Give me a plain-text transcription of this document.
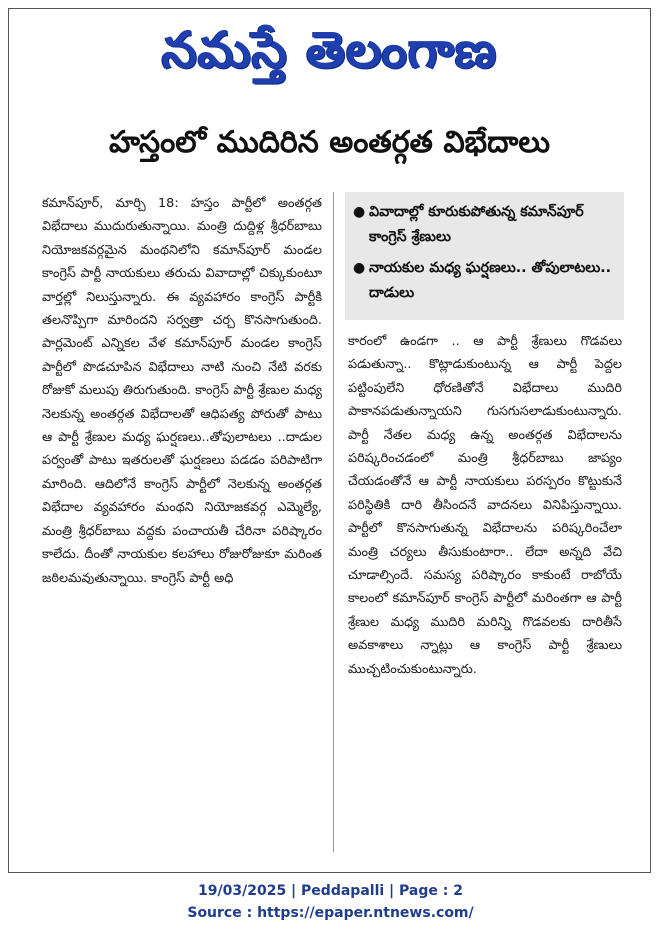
నమస్తే తెలంగాణ
హస్తంలో ముదిరిన అంతర్గత విభేదాలు
కమాన్‌పూర్, మార్చి 18: హస్తం పార్టీలో అంతర్గత విభేదాలు ముదురుతున్నాయి. మంత్రి దుద్దిళ్ల శ్రీధర్‌బాబు నియోజకవర్గమైన మంథనిలోని కమాన్‌పూర్ మండల కాంగ్రెస్ పార్టీ నాయకులు తరుచు వివాదాల్లో చిక్కుకుంటూ వార్తల్లో నిలుస్తున్నారు. ఈ వ్యవహారం కాంగ్రెస్ పార్టీకి తలనొప్పిగా మారిందని సర్వత్రా చర్చ కొనసాగుతుంది. పార్లమెంట్ ఎన్నికల వేళ కమాన్‌పూర్ మండల కాంగ్రెస్ పార్టీలో పొడచూపిన విభేదాలు నాటి నుంచి నేటి వరకు రోజుకో మలుపు తిరుగుతుంది. కాంగ్రెస్ పార్టీ శ్రేణుల మధ్య నెలకున్న అంతర్గత విభేదాలతో ఆధిపత్య పోరుతో పాటు ఆ పార్టీ శ్రేణుల మధ్య ఘర్షణలు..తోపులాటలు ..దాడుల పర్వంతో పాటు ఇతరులతో ఘర్షణలు పడడం పరిపాటిగా మారింది. ఆదిలోనే కాంగ్రెస్ పార్టీలో నెలకున్న అంతర్గత విభేదాల వ్యవహారం మంథని నియోజకవర్గ ఎమ్మెల్యే, మంత్రి శ్రీధర్‌బాబు వద్దకు పంచాయతీ చేరినా పరిష్కారం కాలేదు. దీంతో నాయకుల కలహాలు రోజురోజుకూ మరింత జఠిలమవుతున్నాయి. కాంగ్రెస్ పార్టీ అధి
● వివాదాల్లో కూరుకుపోతున్న కమాన్‌పూర్ కాంగ్రెస్ శ్రేణులు
● నాయకుల మధ్య ఘర్షణలు.. తోపులాటలు.. దాడులు
కారంలో ఉండగా .. ఆ పార్టీ శ్రేణులు గొడవలు పడుతున్నా.. కొట్లాడుకుంటున్న ఆ పార్టీ పెద్దల పట్టింపులేని ధోరణితోనే విభేదాలు ముదిరి పాకానపడుతున్నాయని గుసగుసలాడుకుంటున్నారు. పార్టీ నేతల మధ్య ఉన్న అంతర్గత విభేదాలను పరిష్కరించడంలో మంత్రి శ్రీధర్‌బాబు జాప్యం చేయడంతోనే ఆ పార్టీ నాయకులు పరస్పరం కొట్టుకునే పరిస్థితికి దారి తీసిందనే వాదనలు వినిపిస్తున్నాయి. పార్టీలో కొనసాగుతున్న విభేదాలను పరిష్కరించేలా మంత్రి చర్యలు తీసుకుంటారా.. లేదా అన్నది వేచి చూడాల్సిందే. సమస్య పరిష్కారం కాకుంటే రాబోయే కాలంలో కమాన్‌పూర్ కాంగ్రెస్ పార్టీలో మరింతగా ఆ పార్టీ శ్రేణుల మధ్య ముదిరి మరిన్ని గొడవలకు దారితీసే అవకాశాలు న్నాట్లు ఆ కాంగ్రెస్ పార్టీ శ్రేణులు ముచ్చటించుకుంటున్నారు.
19/03/2025 | Peddapalli | Page : 2
Source : https://epaper.ntnews.com/
